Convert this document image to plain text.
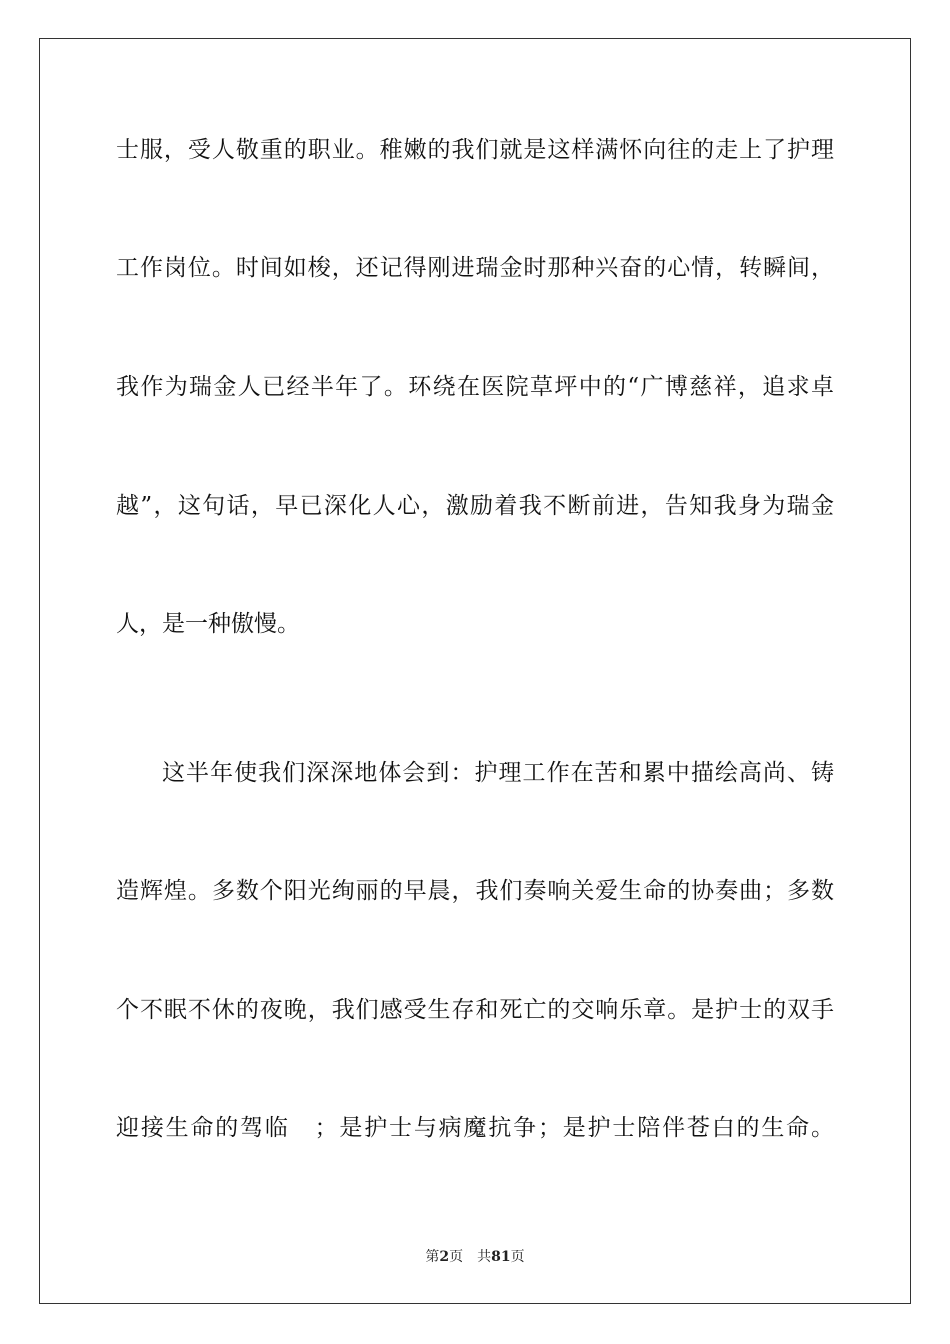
士服，受人敬重的职业。稚嫩的我们就是这样满怀向往的走上了护理
工作岗位。时间如梭，还记得刚进瑞金时那种兴奋的心情，转瞬间，
我作为瑞金人已经半年了。环绕在医院草坪中的“广博慈祥，追求卓
越”，这句话，早已深化人心，激励着我不断前进，告知我身为瑞金
人，是一种傲慢。
这半年使我们深深地体会到：护理工作在苦和累中描绘高尚、铸
造辉煌。多数个阳光绚丽的早晨，我们奏响关爱生命的协奏曲；多数
个不眠不休的夜晚，我们感受生存和死亡的交响乐章。是护士的双手
迎接生命的驾临　；是护士与病魔抗争；是护士陪伴苍白的生命。
第2页 共81页
